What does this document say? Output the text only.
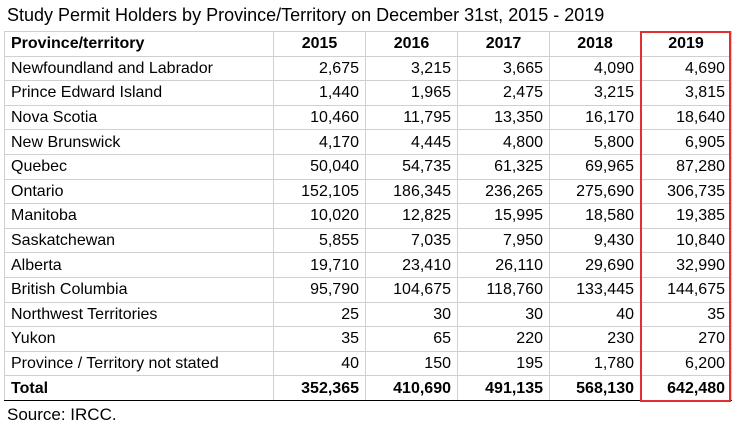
Study Permit Holders by Province/Territory on December 31st, 2015 - 2019
Province/territory	2015	2016	2017	2018	2019
Newfoundland and Labrador	2,675	3,215	3,665	4,090	4,690
Prince Edward Island	1,440	1,965	2,475	3,215	3,815
Nova Scotia	10,460	11,795	13,350	16,170	18,640
New Brunswick	4,170	4,445	4,800	5,800	6,905
Quebec	50,040	54,735	61,325	69,965	87,280
Ontario	152,105	186,345	236,265	275,690	306,735
Manitoba	10,020	12,825	15,995	18,580	19,385
Saskatchewan	5,855	7,035	7,950	9,430	10,840
Alberta	19,710	23,410	26,110	29,690	32,990
British Columbia	95,790	104,675	118,760	133,445	144,675
Northwest Territories	25	30	30	40	35
Yukon	35	65	220	230	270
Province / Territory not stated	40	150	195	1,780	6,200
Total	352,365	410,690	491,135	568,130	642,480
Source: IRCC.
